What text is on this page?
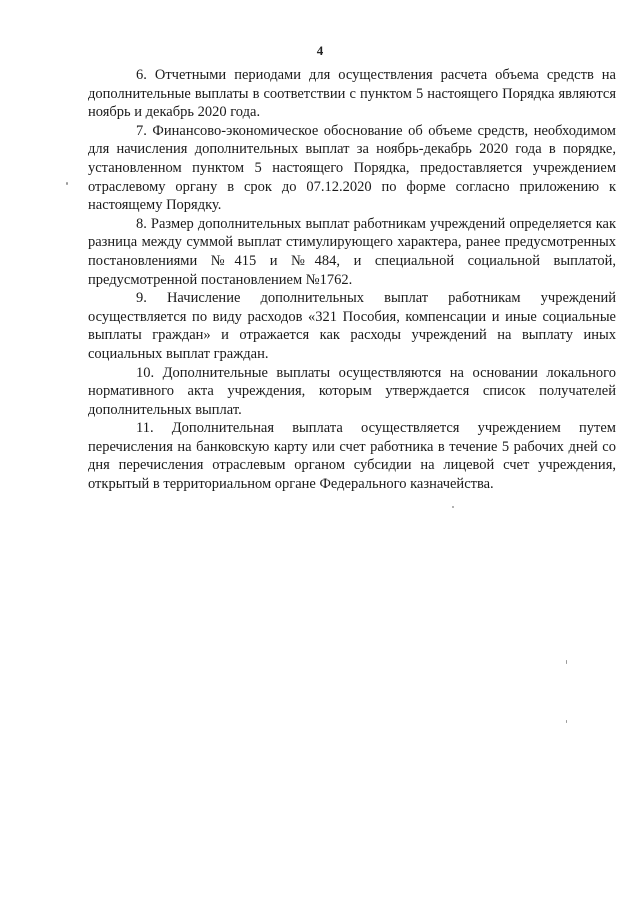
4

6. Отчетными периодами для осуществления расчета объема средств на дополнительные выплаты в соответствии с пунктом 5 настоящего Порядка являются ноябрь и декабрь 2020 года.

7. Финансово-экономическое обоснование об объеме средств, необходимом для начисления дополнительных выплат за ноябрь-декабрь 2020 года в порядке, установленном пунктом 5 настоящего Порядка, предоставляется учреждением отраслевому органу в срок до 07.12.2020 по форме согласно приложению к настоящему Порядку.

8. Размер дополнительных выплат работникам учреждений определяется как разница между суммой выплат стимулирующего характера, ранее предусмотренных постановлениями №415 и №484, и специальной социальной выплатой, предусмотренной постановлением №1762.

9. Начисление дополнительных выплат работникам учреждений осуществляется по виду расходов «321 Пособия, компенсации и иные социальные выплаты граждан» и отражается как расходы учреждений на выплату иных социальных выплат граждан.

10. Дополнительные выплаты осуществляются на основании локального нормативного акта учреждения, которым утверждается список получателей дополнительных выплат.

11. Дополнительная выплата осуществляется учреждением путем перечисления на банковскую карту или счет работника в течение 5 рабочих дней со дня перечисления отраслевым органом субсидии на лицевой счет учреждения, открытый в территориальном органе Федерального казначейства.
